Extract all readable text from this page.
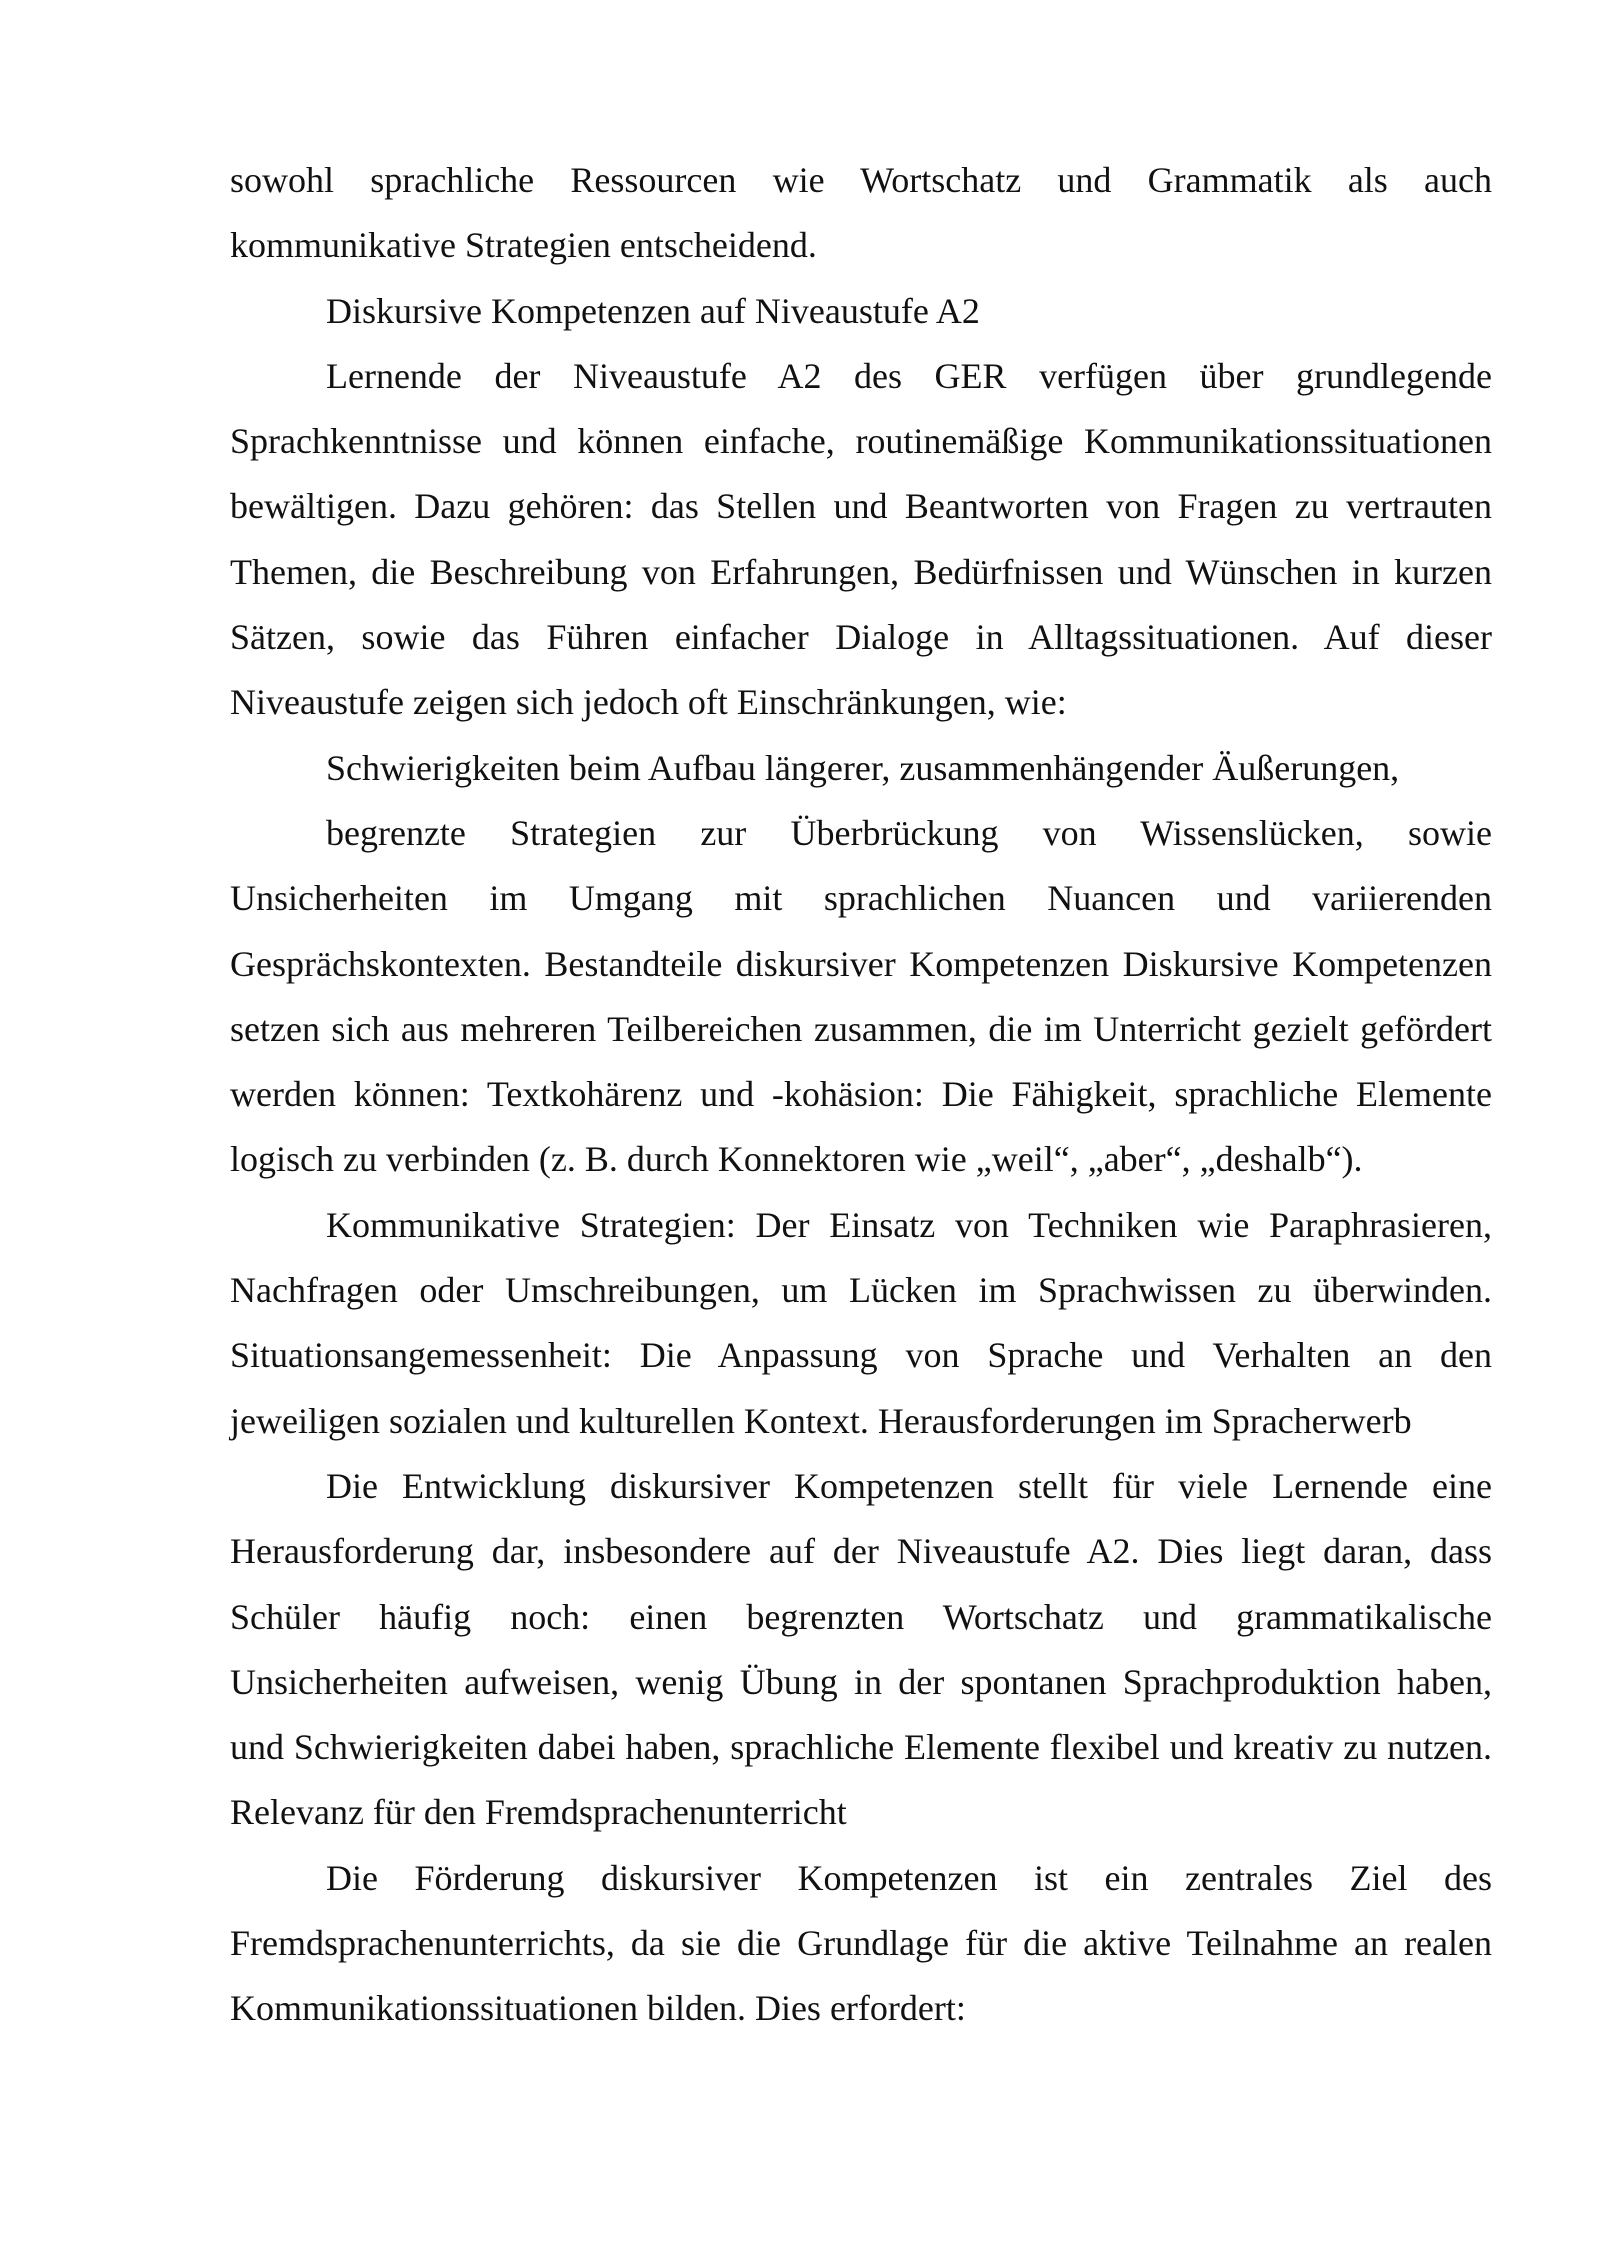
sowohl sprachliche Ressourcen wie Wortschatz und Grammatik als auch kommunikative Strategien entscheidend.

Diskursive Kompetenzen auf Niveaustufe A2

Lernende der Niveaustufe A2 des GER verfügen über grundlegende Sprachkenntnisse und können einfache, routinemäßige Kommunikationssituationen bewältigen. Dazu gehören: das Stellen und Beantworten von Fragen zu vertrauten Themen, die Beschreibung von Erfahrungen, Bedürfnissen und Wünschen in kurzen Sätzen, sowie das Führen einfacher Dialoge in Alltagssituationen. Auf dieser Niveaustufe zeigen sich jedoch oft Einschränkungen, wie:

Schwierigkeiten beim Aufbau längerer, zusammenhängender Äußerungen,

begrenzte Strategien zur Überbrückung von Wissenslücken, sowie Unsicherheiten im Umgang mit sprachlichen Nuancen und variierenden Gesprächskontexten. Bestandteile diskursiver Kompetenzen Diskursive Kompetenzen setzen sich aus mehreren Teilbereichen zusammen, die im Unterricht gezielt gefördert werden können: Textkohärenz und -kohäsion: Die Fähigkeit, sprachliche Elemente logisch zu verbinden (z. B. durch Konnektoren wie „weil“, „aber“, „deshalb“).

Kommunikative Strategien: Der Einsatz von Techniken wie Paraphrasieren, Nachfragen oder Umschreibungen, um Lücken im Sprachwissen zu überwinden. Situationsangemessenheit: Die Anpassung von Sprache und Verhalten an den jeweiligen sozialen und kulturellen Kontext. Herausforderungen im Spracherwerb

Die Entwicklung diskursiver Kompetenzen stellt für viele Lernende eine Herausforderung dar, insbesondere auf der Niveaustufe A2. Dies liegt daran, dass Schüler häufig noch: einen begrenzten Wortschatz und grammatikalische Unsicherheiten aufweisen, wenig Übung in der spontanen Sprachproduktion haben, und Schwierigkeiten dabei haben, sprachliche Elemente flexibel und kreativ zu nutzen. Relevanz für den Fremdsprachenunterricht

Die Förderung diskursiver Kompetenzen ist ein zentrales Ziel des Fremdsprachenunterrichts, da sie die Grundlage für die aktive Teilnahme an realen Kommunikationssituationen bilden. Dies erfordert:
